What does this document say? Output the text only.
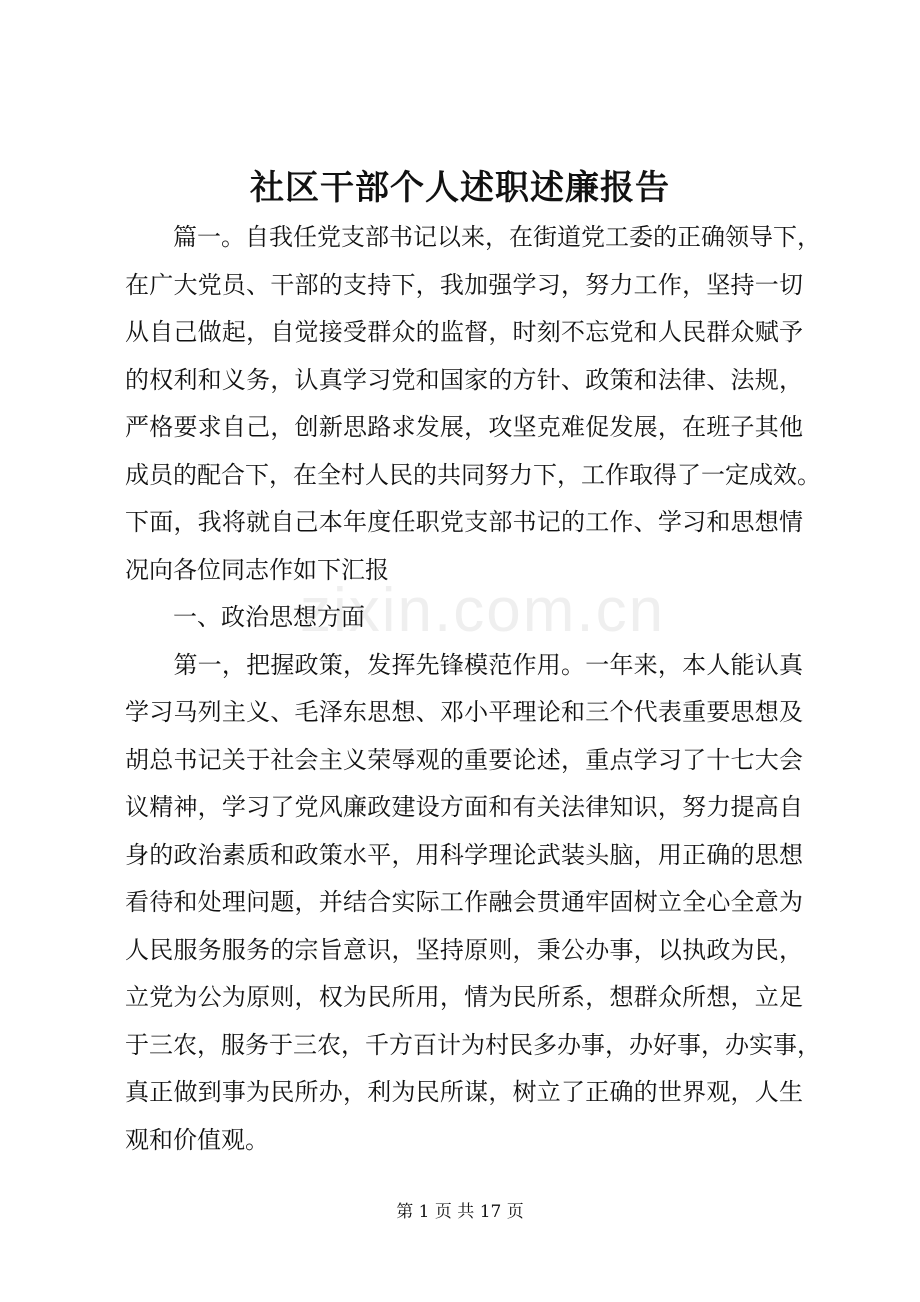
社区干部个人述职述廉报告
zixin.com.cn
　　篇一。自我任党支部书记以来，在街道党工委的正确领导下，
在广大党员、干部的支持下，我加强学习，努力工作，坚持一切
从自己做起，自觉接受群众的监督，时刻不忘党和人民群众赋予
的权利和义务，认真学习党和国家的方针、政策和法律、法规，
严格要求自己，创新思路求发展，攻坚克难促发展，在班子其他
成员的配合下，在全村人民的共同努力下，工作取得了一定成效。
下面，我将就自己本年度任职党支部书记的工作、学习和思想情
况向各位同志作如下汇报
　　一、政治思想方面
　　第一，把握政策，发挥先锋模范作用。一年来，本人能认真
学习马列主义、毛泽东思想、邓小平理论和三个代表重要思想及
胡总书记关于社会主义荣辱观的重要论述，重点学习了十七大会
议精神，学习了党风廉政建设方面和有关法律知识，努力提高自
身的政治素质和政策水平，用科学理论武装头脑，用正确的思想
看待和处理问题，并结合实际工作融会贯通牢固树立全心全意为
人民服务服务的宗旨意识，坚持原则，秉公办事，以执政为民，
立党为公为原则，权为民所用，情为民所系，想群众所想，立足
于三农，服务于三农，千方百计为村民多办事，办好事，办实事，
真正做到事为民所办，利为民所谋，树立了正确的世界观，人生
观和价值观。
第 1 页 共 17 页
